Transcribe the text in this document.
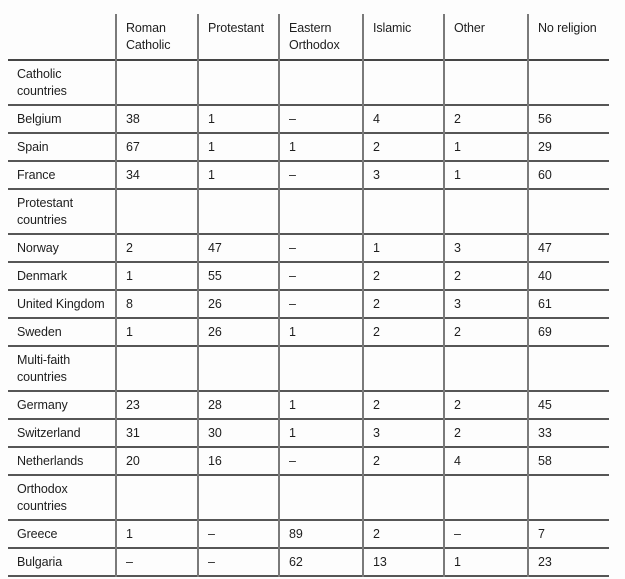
	Roman Catholic	Protestant	Eastern Orthodox	Islamic	Other	No religion
Catholic countries						
Belgium	38	1	–	4	2	56
Spain	67	1	1	2	1	29
France	34	1	–	3	1	60
Protestant countries						
Norway	2	47	–	1	3	47
Denmark	1	55	–	2	2	40
United Kingdom	8	26	–	2	3	61
Sweden	1	26	1	2	2	69
Multi-faith countries						
Germany	23	28	1	2	2	45
Switzerland	31	30	1	3	2	33
Netherlands	20	16	–	2	4	58
Orthodox countries						
Greece	1	–	89	2	–	7
Bulgaria	–	–	62	13	1	23
